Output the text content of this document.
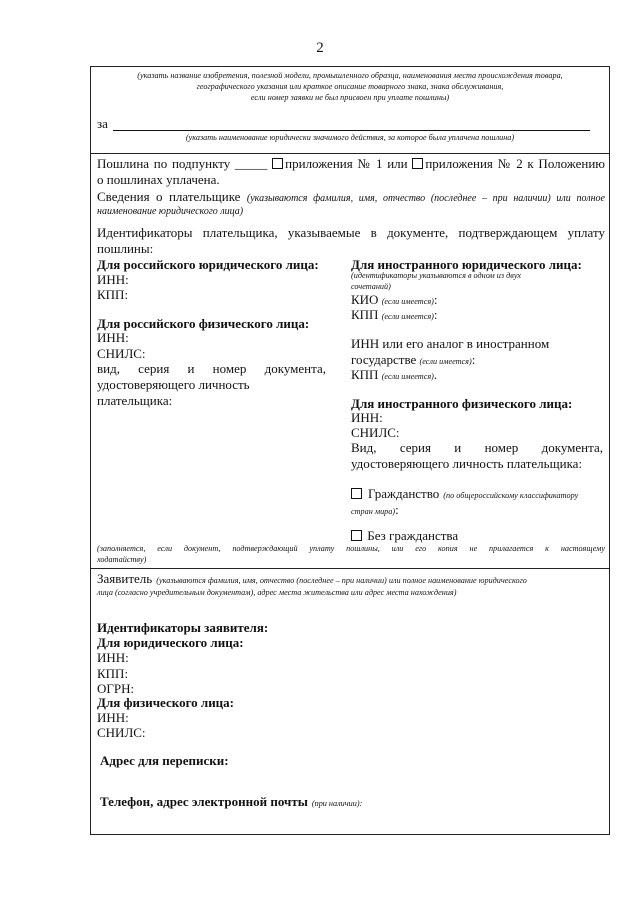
2
(указать название изобретения, полезной модели, промышленного образца, наименования места происхождения товара,
географического указания или краткое описание товарного знака, знака обслуживания,
если номер заявки не был присвоен при уплате пошлины)
за
(указать наименование юридически значимого действия, за которое была уплачена пошлина)
Пошлина по подпункту _____ приложения № 1 или приложения № 2 к Положению
о пошлинах уплачена.
Сведения о плательщике (указываются фамилия, имя, отчество (последнее – при наличии) или полное
наименование юридического лица)
Идентификаторы плательщика, указываемые в документе, подтверждающем уплату
пошлины:
Для российского юридического лица:
ИНН:
КПП:
Для российского физического лица:
ИНН:
СНИЛС:
вид, серия и номер документа,
удостоверяющего личность плательщика:
Для иностранного юридического лица:
(идентификаторы указываются в одном из двух
сочетаний)
КИО (если имеется):
КПП (если имеется):
ИНН или его аналог в иностранном
государстве (если имеется):
КПП (если имеется).
Для иностранного физического лица:
ИНН:
СНИЛС:
Вид, серия и номер документа,
удостоверяющего личность плательщика:
Гражданство (по общероссийскому классификатору
стран мира):
Без гражданства
(заполняется, если документ, подтверждающий уплату пошлины, или его копия не прилагается к настоящему
ходатайству)
Заявитель (указываются фамилия, имя, отчество (последнее – при наличии) или полное наименование юридического
лица (согласно учредительным документам), адрес места жительства или адрес места нахождения)
Идентификаторы заявителя:
Для юридического лица:
ИНН:
КПП:
ОГРН:
Для физического лица:
ИНН:
СНИЛС:
Адрес для переписки:
Телефон, адрес электронной почты (при наличии):
